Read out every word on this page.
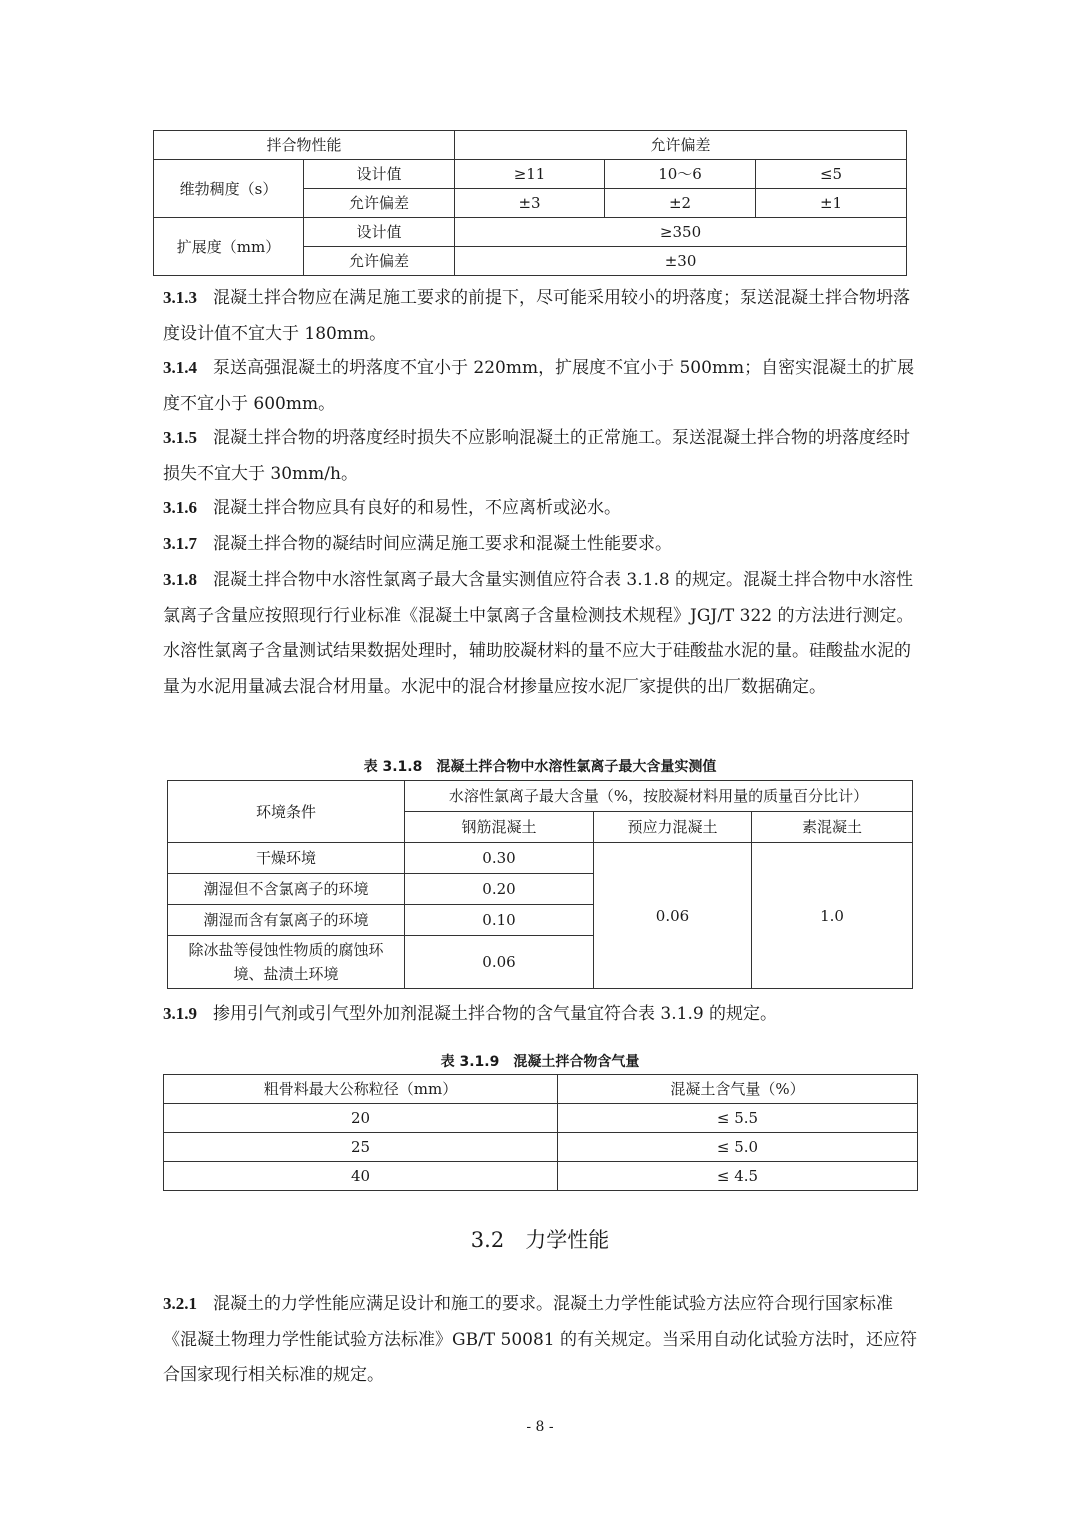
拌合物性能		允许偏差		
维勃稠度（s）	设计值	≥11	10～6	≤5
	允许偏差	±3	±2	±1
扩展度（mm）	设计值	≥350		
	允许偏差	±30		

3.1.3 混凝土拌合物应在满足施工要求的前提下，尽可能采用较小的坍落度；泵送混凝土拌合物坍落度设计值不宜大于 180mm。

3.1.4 泵送高强混凝土的坍落度不宜小于 220mm，扩展度不宜小于 500mm；自密实混凝土的扩展度不宜小于 600mm。

3.1.5 混凝土拌合物的坍落度经时损失不应影响混凝土的正常施工。泵送混凝土拌合物的坍落度经时损失不宜大于 30mm/h。

3.1.6 混凝土拌合物应具有良好的和易性，不应离析或泌水。

3.1.7 混凝土拌合物的凝结时间应满足施工要求和混凝土性能要求。

3.1.8 混凝土拌合物中水溶性氯离子最大含量实测值应符合表 3.1.8 的规定。混凝土拌合物中水溶性氯离子含量应按照现行行业标准《混凝土中氯离子含量检测技术规程》JGJ/T 322 的方法进行测定。水溶性氯离子含量测试结果数据处理时，辅助胶凝材料的量不应大于硅酸盐水泥的量。硅酸盐水泥的量为水泥用量减去混合材用量。水泥中的混合材掺量应按水泥厂家提供的出厂数据确定。

表 3.1.8　混凝土拌合物中水溶性氯离子最大含量实测值
环境条件	水溶性氯离子最大含量（%，按胶凝材料用量的质量百分比计）		
	钢筋混凝土	预应力混凝土	素混凝土
干燥环境	0.30	0.06	1.0
潮湿但不含氯离子的环境	0.20		
潮湿而含有氯离子的环境	0.10		
除冰盐等侵蚀性物质的腐蚀环境、盐渍土环境	0.06		

3.1.9 掺用引气剂或引气型外加剂混凝土拌合物的含气量宜符合表 3.1.9 的规定。

表 3.1.9　混凝土拌合物含气量
粗骨料最大公称粒径（mm）	混凝土含气量（%）
20	≤ 5.5
25	≤ 5.0
40	≤ 4.5
3.2　力学性能

3.2.1 混凝土的力学性能应满足设计和施工的要求。混凝土力学性能试验方法应符合现行国家标准《混凝土物理力学性能试验方法标准》GB/T 50081 的有关规定。当采用自动化试验方法时，还应符合国家现行相关标准的规定。

- 8 -
